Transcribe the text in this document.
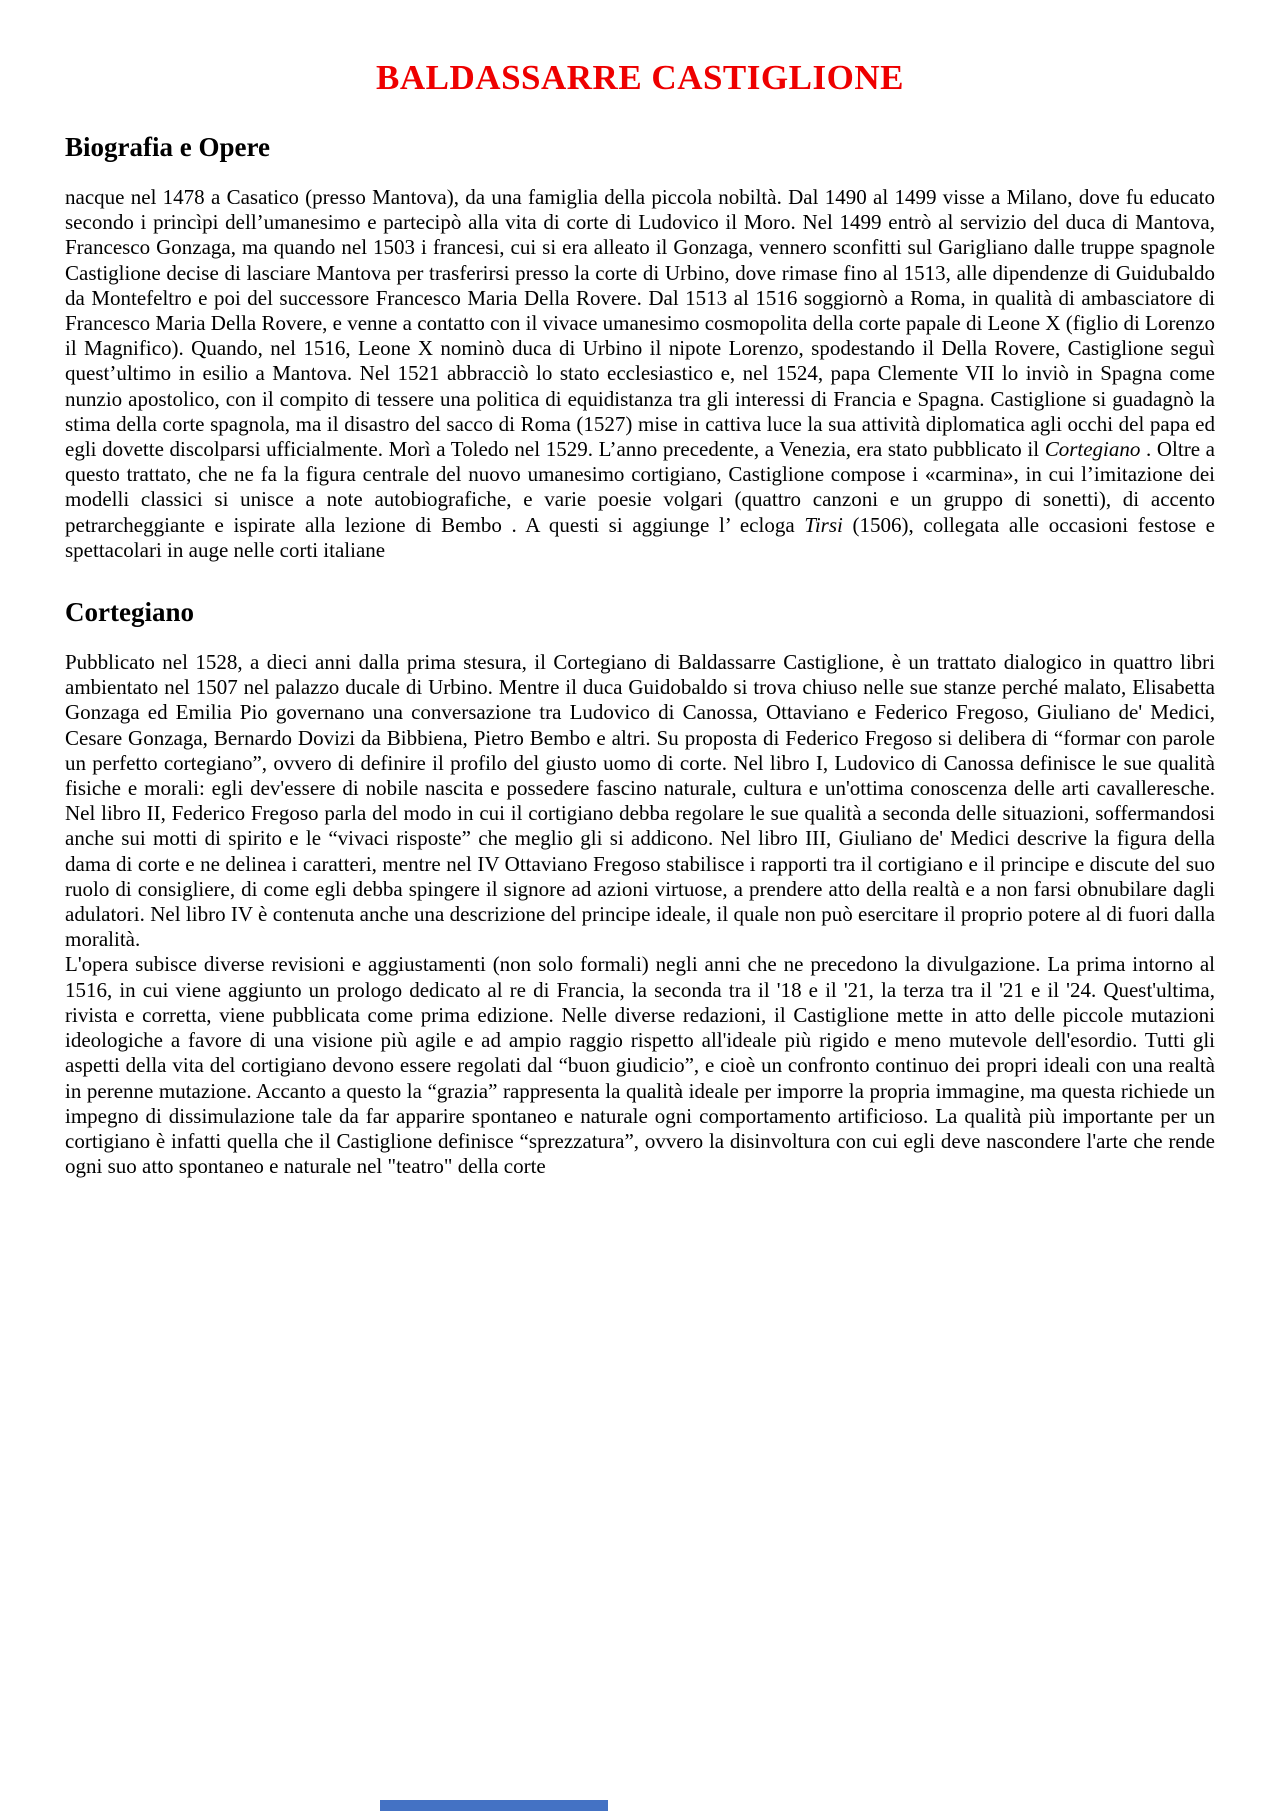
BALDASSARRE CASTIGLIONE
Biografia e Opere

nacque nel 1478 a Casatico (presso Mantova), da una famiglia della piccola nobiltà. Dal 1490 al 1499 visse a Milano, dove fu educato secondo i princìpi dell’umanesimo e partecipò alla vita di corte di Ludovico il Moro. Nel 1499 entrò al servizio del duca di Mantova, Francesco Gonzaga, ma quando nel 1503 i francesi, cui si era alleato il Gonzaga, vennero sconfitti sul Garigliano dalle truppe spagnole Castiglione decise di lasciare Mantova per trasferirsi presso la corte di Urbino, dove rimase fino al 1513, alle dipendenze di Guidubaldo da Montefeltro e poi del successore Francesco Maria Della Rovere. Dal 1513 al 1516 soggiornò a Roma, in qualità di ambasciatore di Francesco Maria Della Rovere, e venne a contatto con il vivace umanesimo cosmopolita della corte papale di Leone X (figlio di Lorenzo il Magnifico). Quando, nel 1516, Leone X nominò duca di Urbino il nipote Lorenzo, spodestando il Della Rovere, Castiglione seguì quest’ultimo in esilio a Mantova. Nel 1521 abbracciò lo stato ecclesiastico e, nel 1524, papa Clemente VII lo inviò in Spagna come nunzio apostolico, con il compito di tessere una politica di equidistanza tra gli interessi di Francia e Spagna. Castiglione si guadagnò la stima della corte spagnola, ma il disastro del sacco di Roma (1527) mise in cattiva luce la sua attività diplomatica agli occhi del papa ed egli dovette discolparsi ufficialmente. Morì a Toledo nel 1529. L’anno precedente, a Venezia, era stato pubblicato il Cortegiano . Oltre a questo trattato, che ne fa la figura centrale del nuovo umanesimo cortigiano, Castiglione compose i «carmina», in cui l’imitazione dei modelli classici si unisce a note autobiografiche, e varie poesie volgari (quattro canzoni e un gruppo di sonetti), di accento petrarcheggiante e ispirate alla lezione di Bembo . A questi si aggiunge l’ ecloga Tirsi (1506), collegata alle occasioni festose e spettacolari in auge nelle corti italiane

Cortegiano

Pubblicato nel 1528, a dieci anni dalla prima stesura, il Cortegiano di Baldassarre Castiglione, è un trattato dialogico in quattro libri ambientato nel 1507 nel palazzo ducale di Urbino. Mentre il duca Guidobaldo si trova chiuso nelle sue stanze perché malato, Elisabetta Gonzaga ed Emilia Pio governano una conversazione tra Ludovico di Canossa, Ottaviano e Federico Fregoso, Giuliano de' Medici, Cesare Gonzaga, Bernardo Dovizi da Bibbiena, Pietro Bembo e altri. Su proposta di Federico Fregoso si delibera di “formar con parole un perfetto cortegiano”, ovvero di definire il profilo del giusto uomo di corte. Nel libro I, Ludovico di Canossa definisce le sue qualità fisiche e morali: egli dev'essere di nobile nascita e possedere fascino naturale, cultura e un'ottima conoscenza delle arti cavalleresche. Nel libro II, Federico Fregoso parla del modo in cui il cortigiano debba regolare le sue qualità a seconda delle situazioni, soffermandosi anche sui motti di spirito e le “vivaci risposte” che meglio gli si addicono. Nel libro III, Giuliano de' Medici descrive la figura della dama di corte e ne delinea i caratteri, mentre nel IV Ottaviano Fregoso stabilisce i rapporti tra il cortigiano e il principe e discute del suo ruolo di consigliere, di come egli debba spingere il signore ad azioni virtuose, a prendere atto della realtà e a non farsi obnubilare dagli adulatori. Nel libro IV è contenuta anche una descrizione del principe ideale, il quale non può esercitare il proprio potere al di fuori dalla moralità.

L'opera subisce diverse revisioni e aggiustamenti (non solo formali) negli anni che ne precedono la divulgazione. La prima intorno al 1516, in cui viene aggiunto un prologo dedicato al re di Francia, la seconda tra il '18 e il '21, la terza tra il '21 e il '24. Quest'ultima, rivista e corretta, viene pubblicata come prima edizione. Nelle diverse redazioni, il Castiglione mette in atto delle piccole mutazioni ideologiche a favore di una visione più agile e ad ampio raggio rispetto all'ideale più rigido e meno mutevole dell'esordio. Tutti gli aspetti della vita del cortigiano devono essere regolati dal “buon giudicio”, e cioè un confronto continuo dei propri ideali con una realtà in perenne mutazione. Accanto a questo la “grazia” rappresenta la qualità ideale per imporre la propria immagine, ma questa richiede un impegno di dissimulazione tale da far apparire spontaneo e naturale ogni comportamento artificioso. La qualità più importante per un cortigiano è infatti quella che il Castiglione definisce “sprezzatura”, ovvero la disinvoltura con cui egli deve nascondere l'arte che rende ogni suo atto spontaneo e naturale nel "teatro" della corte
